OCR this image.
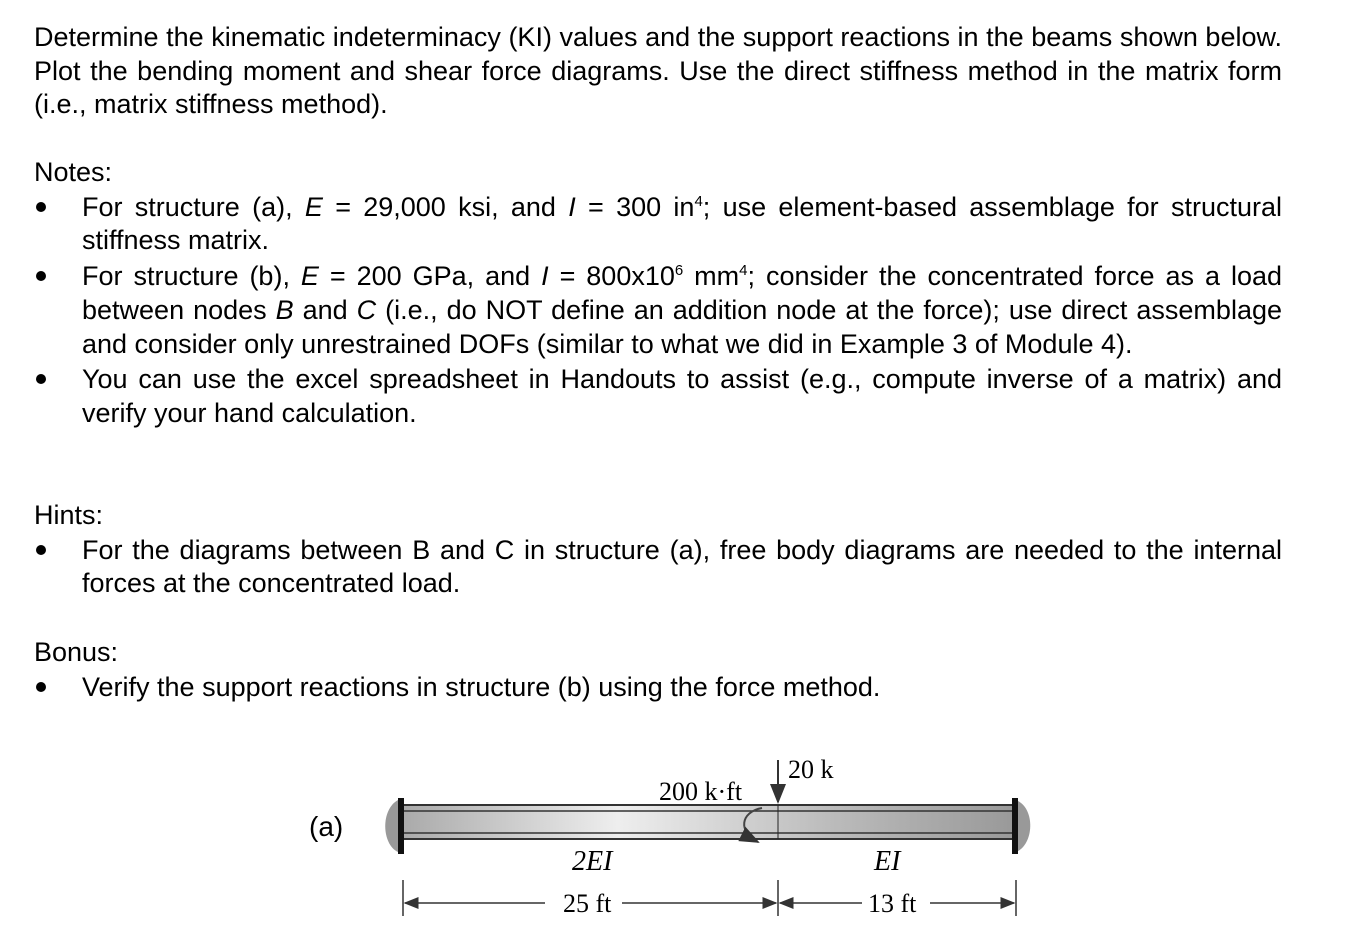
Determine the kinematic indeterminacy (KI) values and the support reactions in the beams shown below. Plot the bending moment and shear force diagrams. Use the direct stiffness method in the matrix form (i.e., matrix stiffness method).

Notes:

For structure (a), E = 29,000 ksi, and I = 300 $in^4$; use element-based assemblage for structural stiffness matrix.
For structure (b), E = 200 GPa, and $I = 800x10^6$ $mm^4$; consider the concentrated force as a load between nodes B and C (i.e., do NOT define an addition node at the force); use direct assemblage and consider only unrestrained DOFs (similar to what we did in Example 3 of Module 4).
You can use the excel spreadsheet in Handouts to assist (e.g., compute inverse of a matrix) and verify your hand calculation.

Hints:

For the diagrams between B and C in structure (a), free body diagrams are needed to the internal forces at the concentrated load.

Bonus:

Verify the support reactions in structure (b) using the force method.
(a)
20 k
200 k·ft
2EI	EI
25 ft	13 ft
